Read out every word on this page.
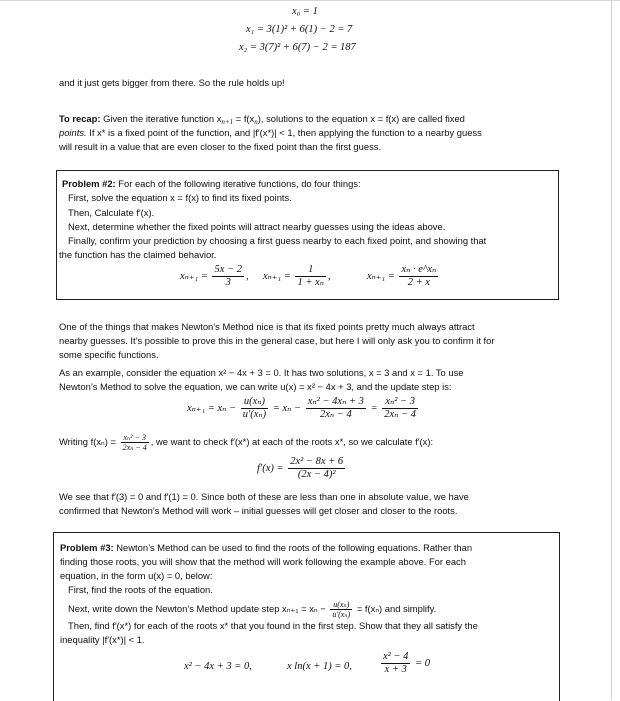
x₀ = 1
x₁ = 3(1)² + 6(1) − 2 = 7
x₂ = 3(7)² + 6(7) − 2 = 187
and it just gets bigger from there. So the rule holds up!
To recap: Given the iterative function $x_{n+1} = f(x_n)$, solutions to the equation x = f(x) are called fixed
points. If x* is a fixed point of the function, and |f′(x*)| < 1, then applying the function to a nearby guess
will result in a value that are even closer to the fixed point than the first guess.
Problem #2: For each of the following iterative functions, do four things:
First, solve the equation x = f(x) to find its fixed points.
Then, Calculate f′(x).
Next, determine whether the fixed points will attract nearby guesses using the ideas above.
Finally, confirm your prediction by choosing a first guess nearby to each fixed point, and showing that
the function has the claimed behavior.
$x_{n+1} = \frac{5x - 2}{3}$ , $x_{n+1} = \frac{1}{\text{1 + xₙ}}$ ,	$x_{n+1} = \frac{\text{xₙ · e\textasciicircum{}xₙ}}{2 + x}$
One of the things that makes Newton’s Method nice is that its fixed points pretty much always attract
nearby guesses. It’s possible to prove this in the general case, but here I will only ask you to confirm it for
some specific functions.
As an example, consider the equation x² − 4x + 3 = 0. It has two solutions, x = 3 and x = 1. To use
Newton’s Method to solve the equation, we can write u(x) = x² − 4x + 3, and the update step is:
$x_{n+1} = x_n - \frac{\text{u(xₙ)}}{\text{u′(xₙ)}} = x_n - \frac{\text{xₙ² − 4xₙ + 3}}{\text{2xₙ − 4}} = \frac{\text{xₙ² − 3}}{\text{2xₙ − 4}}$
Writing $f(x_n) = \frac{\text{xₙ² − 3}}{\text{2xₙ − 4}}$ , we want to check f′(x*) at each of the roots x*, so we calculate f′(x):
$f'(x) = \frac{\text{2x² − 8x + 6}}{\text{(2x − 4)²}}$
We see that f′(3) = 0 and f′(1) = 0. Since both of these are less than one in absolute value, we have
confirmed that Newton’s Method will work – initial guesses will get closer and closer to the roots.
Problem #3: Newton’s Method can be used to find the roots of the following equations. Rather than
finding those roots, you will show that the method will work following the example above. For each
equation, in the form u(x) = 0, below:
First, find the roots of the equation.
Next, write down the Newton’s Method update step $x_{n+1} = x_n - \frac{\text{u(xₙ)}}{\text{u′(xₙ)}} = f(x_n)$ and simplify.
Then, find f′(x*) for each of the roots x* that you found in the first step. Show that they all satisfy the
inequality |f′(x*)| < 1.
x² − 4x + 3 = 0,	x ln(x + 1) = 0,	$\frac{\text{x² − 4}}{x + 3} = 0$
